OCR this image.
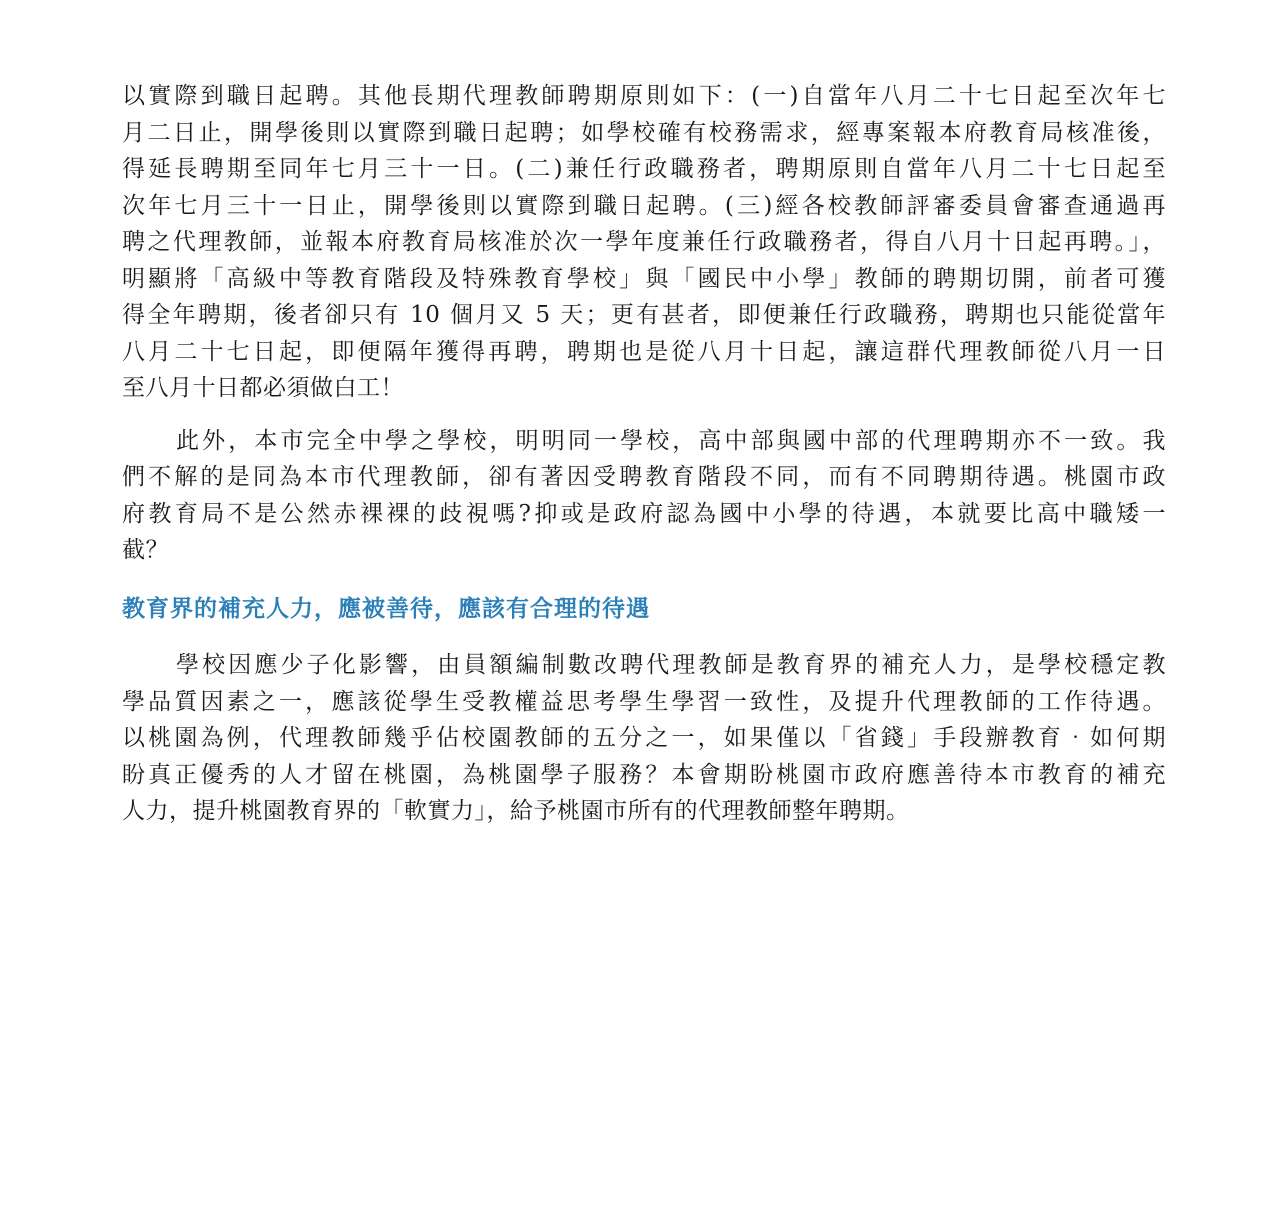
以實際到職日起聘。其他長期代理教師聘期原則如下：(一)自當年八月二十七日起至次年七
月二日止，開學後則以實際到職日起聘；如學校確有校務需求，經專案報本府教育局核准後，
得延長聘期至同年七月三十一日。(二)兼任行政職務者，聘期原則自當年八月二十七日起至
次年七月三十一日止，開學後則以實際到職日起聘。(三)經各校教師評審委員會審查通過再
聘之代理教師，並報本府教育局核准於次一學年度兼任行政職務者，得自八月十日起再聘。」，
明顯將「高級中等教育階段及特殊教育學校」與「國民中小學」教師的聘期切開，前者可獲
得全年聘期，後者卻只有 10 個月又 5 天；更有甚者，即便兼任行政職務，聘期也只能從當年
八月二十七日起，即便隔年獲得再聘，聘期也是從八月十日起，讓這群代理教師從八月一日
至八月十日都必須做白工！
此外，本市完全中學之學校，明明同一學校，高中部與國中部的代理聘期亦不一致。我
們不解的是同為本市代理教師，卻有著因受聘教育階段不同，而有不同聘期待遇。桃園市政
府教育局不是公然赤裸裸的歧視嗎?抑或是政府認為國中小學的待遇，本就要比高中職矮一
截？
教育界的補充人力，應被善待，應該有合理的待遇
學校因應少子化影響，由員額編制數改聘代理教師是教育界的補充人力，是學校穩定教
學品質因素之一，應該從學生受教權益思考學生學習一致性，及提升代理教師的工作待遇。
以桃園為例，代理教師幾乎佔校園教師的五分之一，如果僅以「省錢」手段辦教育‧如何期
盼真正優秀的人才留在桃園，為桃園學子服務？本會期盼桃園市政府應善待本市教育的補充
人力，提升桃園教育界的「軟實力」，給予桃園市所有的代理教師整年聘期。
